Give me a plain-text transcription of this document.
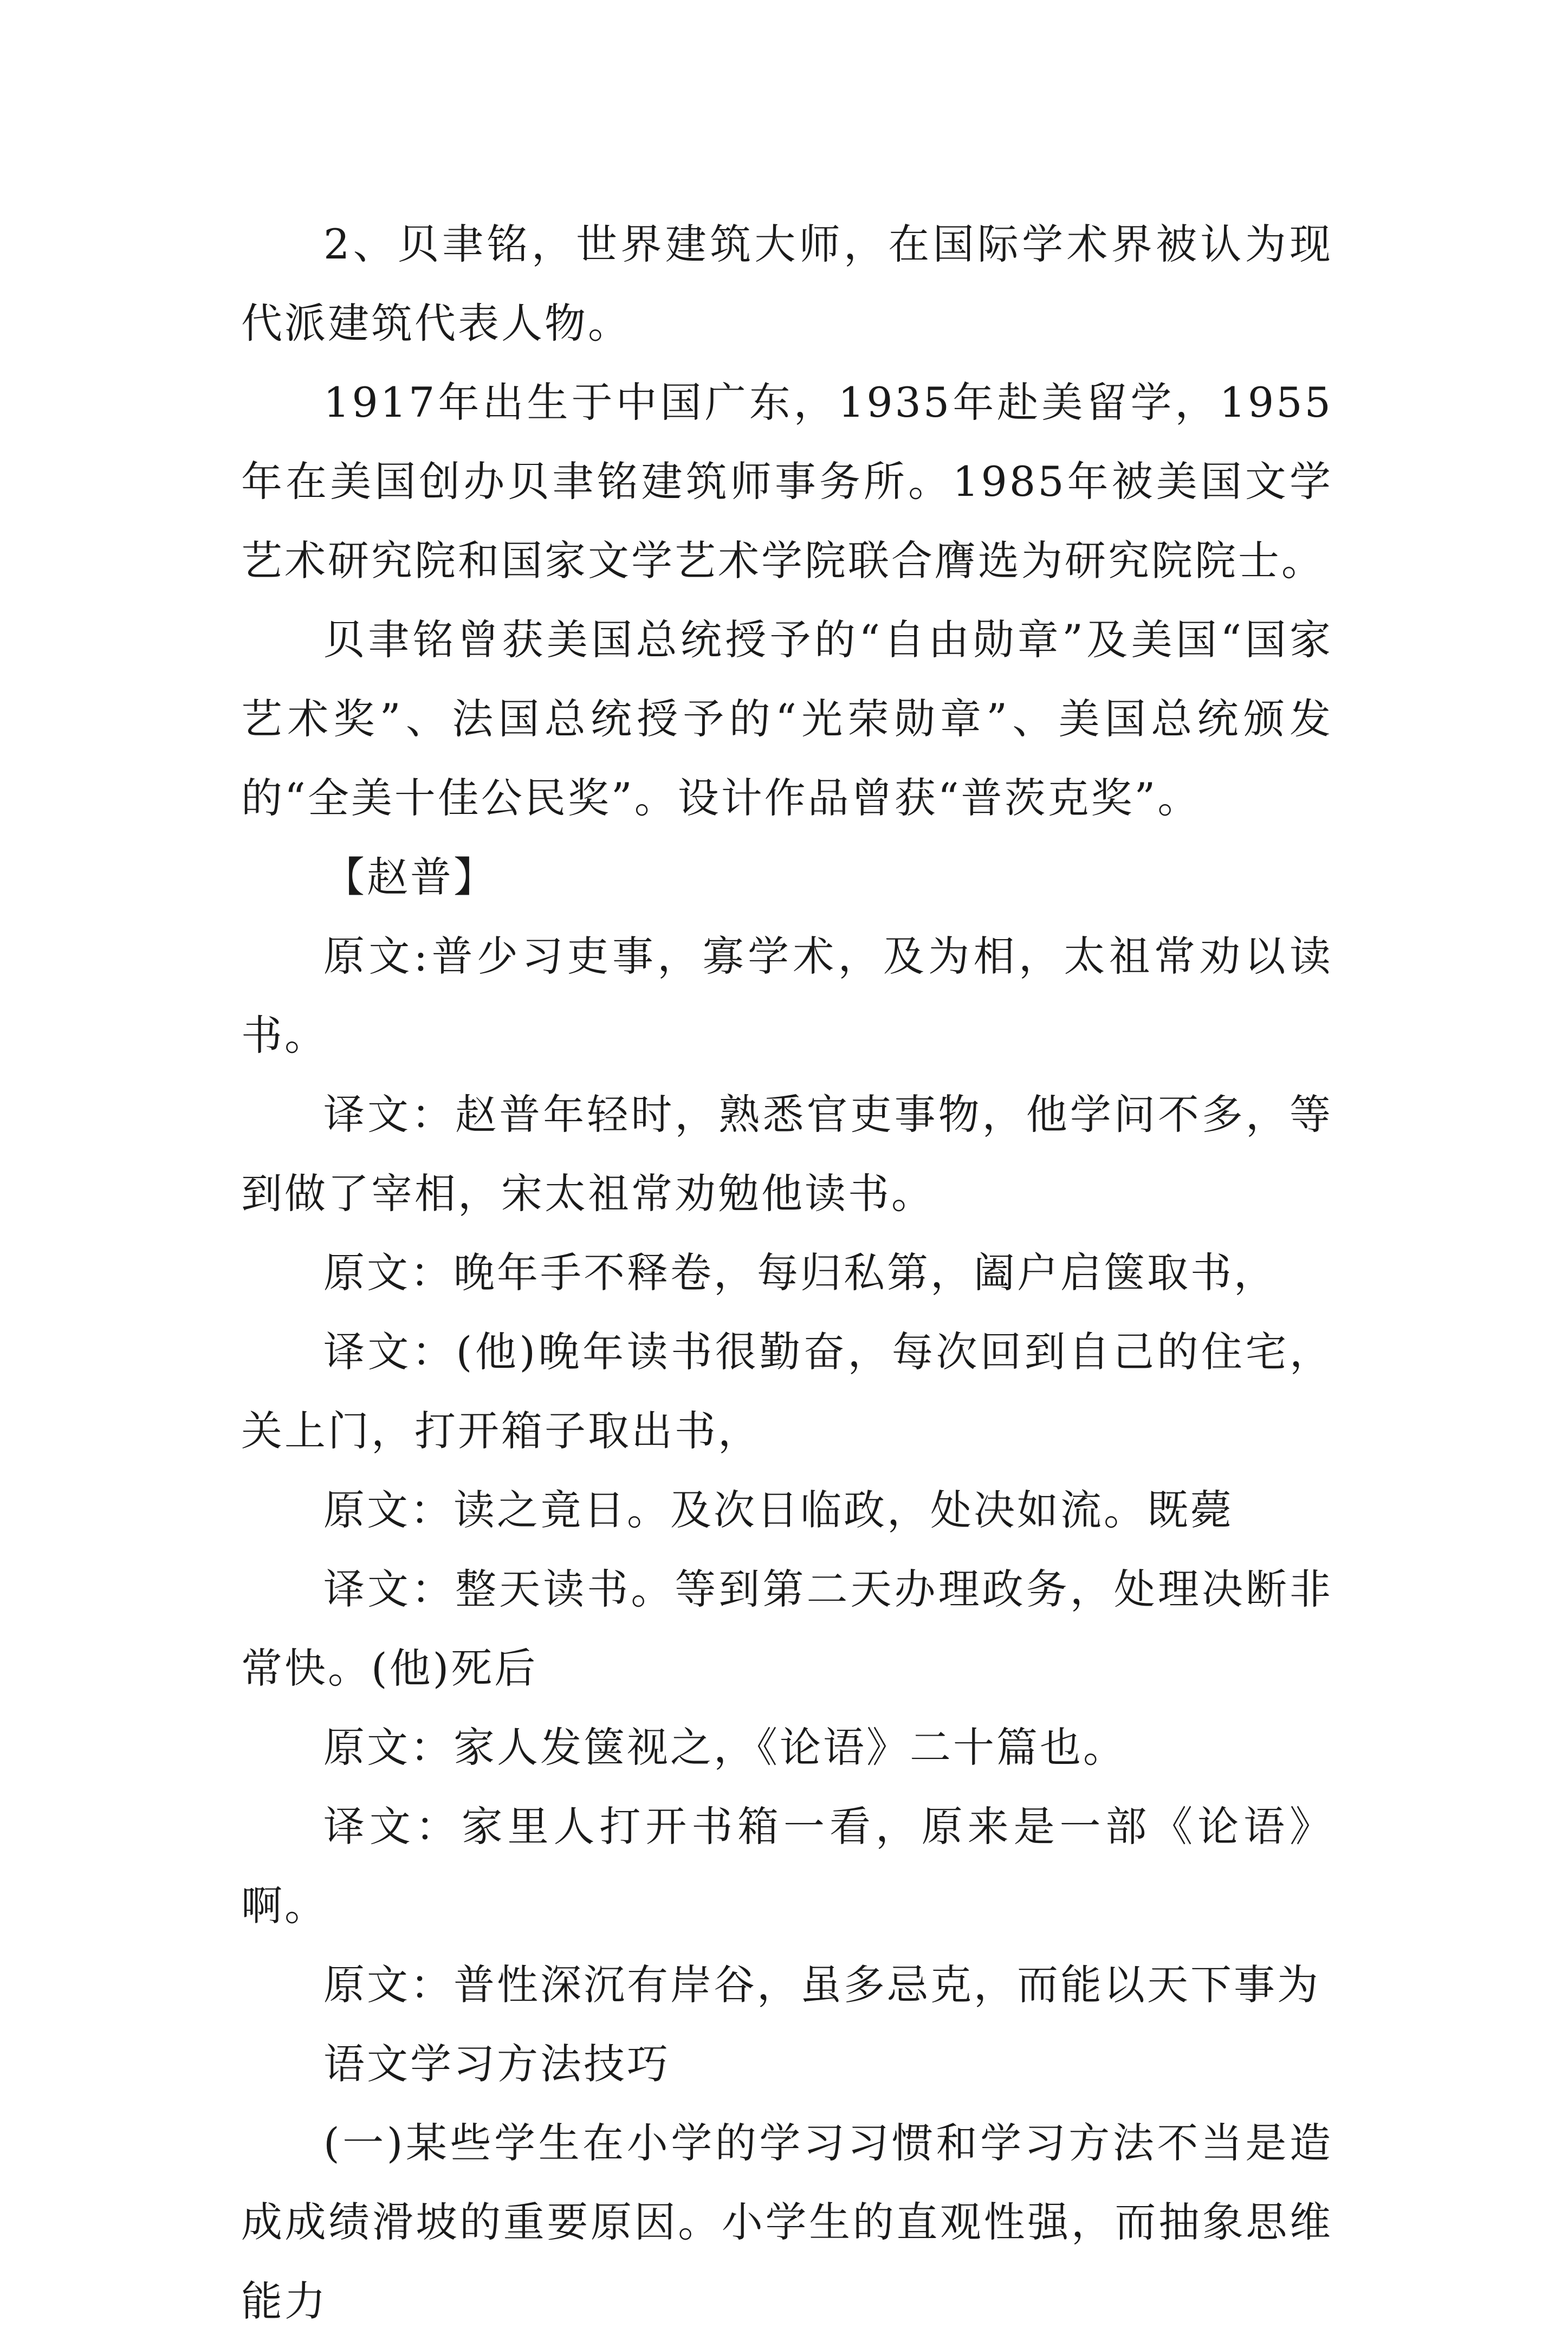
2、贝聿铭，世界建筑大师，在国际学术界被认为现代派建筑代表人物。

1917年出生于中国广东，1935年赴美留学，1955年在美国创办贝聿铭建筑师事务所。1985年被美国文学艺术研究院和国家文学艺术学院联合膺选为研究院院士。

贝聿铭曾获美国总统授予的“自由勋章”及美国“国家艺术奖”、法国总统授予的“光荣勋章”、美国总统颁发的“全美十佳公民奖”。设计作品曾获“普茨克奖”。

【赵普】

原文:普少习吏事，寡学术，及为相，太祖常劝以读书。

译文：赵普年轻时，熟悉官吏事物，他学问不多，等到做了宰相，宋太祖常劝勉他读书。

原文：晚年手不释卷，每归私第，阖户启箧取书，

译文：(他)晚年读书很勤奋，每次回到自己的住宅，关上门，打开箱子取出书，

原文：读之竟日。及次日临政，处决如流。既薨

译文：整天读书。等到第二天办理政务，处理决断非常快。(他)死后

原文：家人发箧视之，《论语》二十篇也。

译文：家里人打开书箱一看，原来是一部《论语》啊。

原文：普性深沉有岸谷，虽多忌克，而能以天下事为

语文学习方法技巧

(一)某些学生在小学的学习习惯和学习方法不当是造成成绩滑坡的重要原因。小学生的直观性强，而抽象思维能力
